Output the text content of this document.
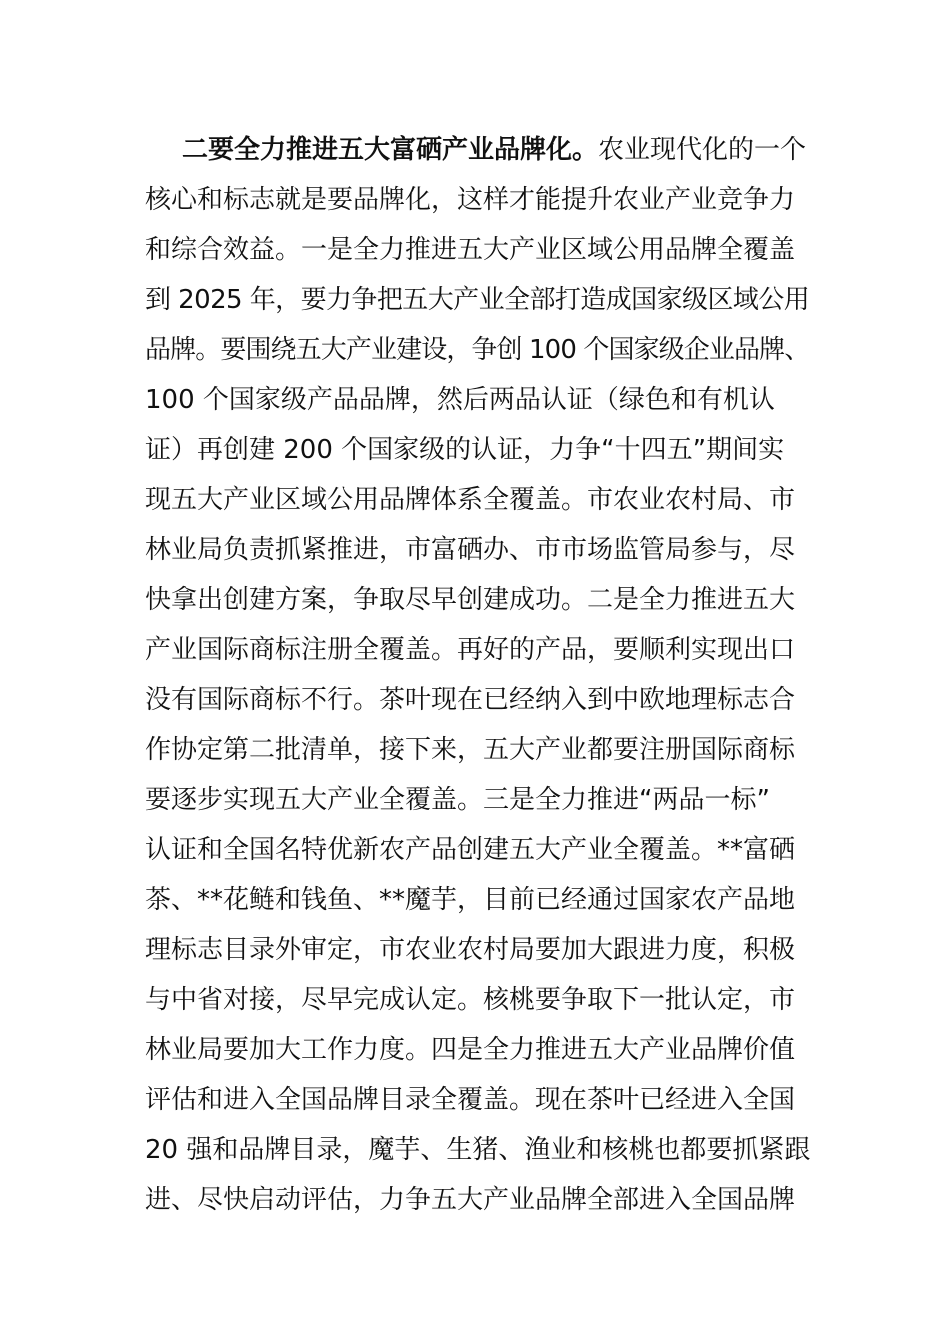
二要全力推进五大富硒产业品牌化。农业现代化的一个
核心和标志就是要品牌化，这样才能提升农业产业竞争力
和综合效益。一是全力推进五大产业区域公用品牌全覆盖
到 2025 年，要力争把五大产业全部打造成国家级区域公用
品牌。要围绕五大产业建设，争创 100 个国家级企业品牌、
100 个国家级产品品牌，然后两品认证（绿色和有机认
证）再创建 200 个国家级的认证，力争“十四五”期间实
现五大产业区域公用品牌体系全覆盖。市农业农村局、市
林业局负责抓紧推进，市富硒办、市市场监管局参与，尽
快拿出创建方案，争取尽早创建成功。二是全力推进五大
产业国际商标注册全覆盖。再好的产品，要顺利实现出口
没有国际商标不行。茶叶现在已经纳入到中欧地理标志合
作协定第二批清单，接下来，五大产业都要注册国际商标
要逐步实现五大产业全覆盖。三是全力推进“两品一标”
认证和全国名特优新农产品创建五大产业全覆盖。**富硒
茶、**花鲢和钱鱼、**魔芋，目前已经通过国家农产品地
理标志目录外审定，市农业农村局要加大跟进力度，积极
与中省对接，尽早完成认定。核桃要争取下一批认定，市
林业局要加大工作力度。四是全力推进五大产业品牌价值
评估和进入全国品牌目录全覆盖。现在茶叶已经进入全国
20 强和品牌目录，魔芋、生猪、渔业和核桃也都要抓紧跟
进、尽快启动评估，力争五大产业品牌全部进入全国品牌
